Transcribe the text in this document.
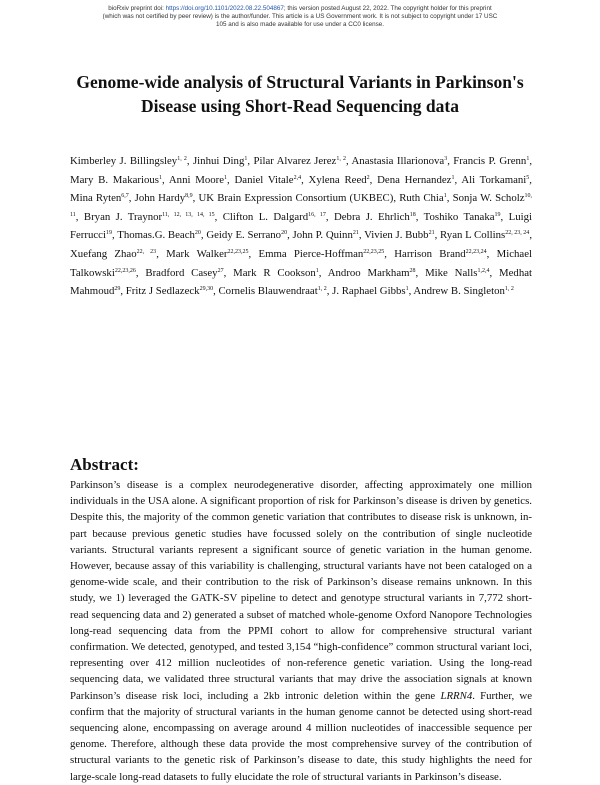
bioRxiv preprint doi: https://doi.org/10.1101/2022.08.22.504867; this version posted August 22, 2022. The copyright holder for this preprint
(which was not certified by peer review) is the author/funder. This article is a US Government work. It is not subject to copyright under 17 USC
105 and is also made available for use under a CC0 license.
Genome-wide analysis of Structural Variants in Parkinson's
Disease using Short-Read Sequencing data
Kimberley J. Billingsley$^{1, 2}$, Jinhui Ding$^1$, Pilar Alvarez Jerez$^{1, 2}$, Anastasia Illarionova$^3$, Francis P. Grenn$^1$, Mary B. Makarious$^1$, Anni Moore$^1$, Daniel Vitale$^{2,4}$, Xylena Reed$^2$, Dena Hernandez$^1$, Ali Torkamani$^5$, Mina Ryten$^{6,7}$, John Hardy$^{8,9}$, UK Brain Expression Consortium (UKBEC), Ruth Chia$^1$, Sonja W. Scholz$^{10, 11}$, Bryan J. Traynor$^{11, 12, 13, 14, 15}$, Clifton L. Dalgard$^{16, 17}$, Debra J. Ehrlich$^{18}$, Toshiko Tanaka$^{19}$, Luigi Ferrucci$^{19}$, Thomas.G. Beach$^{20}$, Geidy E. Serrano$^{20}$, John P. Quinn$^{21}$, Vivien J. Bubb$^{21}$, Ryan L Collins$^{22, 23, 24}$, Xuefang Zhao$^{22, 23}$, Mark Walker$^{22,23,25}$, Emma Pierce-Hoffman$^{22,23,25}$, Harrison Brand$^{22,23,24}$, Michael Talkowski$^{22,23,26}$, Bradford Casey$^{27}$, Mark R Cookson$^1$, Androo Markham$^{28}$, Mike Nalls$^{1,2,4}$, Medhat Mahmoud$^{29}$, Fritz J Sedlazeck$^{29,30}$, Cornelis Blauwendraat$^{1, 2}$, J. Raphael Gibbs$^1$, Andrew B. Singleton$^{1, 2}$
Abstract:

Parkinson’s disease is a complex neurodegenerative disorder, affecting approximately one million individuals in the USA alone. A significant proportion of risk for Parkinson’s disease is driven by genetics. Despite this, the majority of the common genetic variation that contributes to disease risk is unknown, in-part because previous genetic studies have focussed solely on the contribution of single nucleotide variants. Structural variants represent a significant source of genetic variation in the human genome. However, because assay of this variability is challenging, structural variants have not been cataloged on a genome-wide scale, and their contribution to the risk of Parkinson’s disease remains unknown. In this study, we 1) leveraged the GATK-SV pipeline to detect and genotype structural variants in 7,772 short-read sequencing data and 2) generated a subset of matched whole-genome Oxford Nanopore Technologies long-read sequencing data from the PPMI cohort to allow for comprehensive structural variant confirmation. We detected, genotyped, and tested 3,154 “high-confidence” common structural variant loci, representing over 412 million nucleotides of non-reference genetic variation. Using the long-read sequencing data, we validated three structural variants that may drive the association signals at known Parkinson’s disease risk loci, including a 2kb intronic deletion within the gene LRRN4. Further, we confirm that the majority of structural variants in the human genome cannot be detected using short-read sequencing alone, encompassing on average around 4 million nucleotides of inaccessible sequence per genome. Therefore, although these data provide the most comprehensive survey of the contribution of structural variants to the genetic risk of Parkinson’s disease to date, this study highlights the need for large-scale long-read datasets to fully elucidate the role of structural variants in Parkinson’s disease.
